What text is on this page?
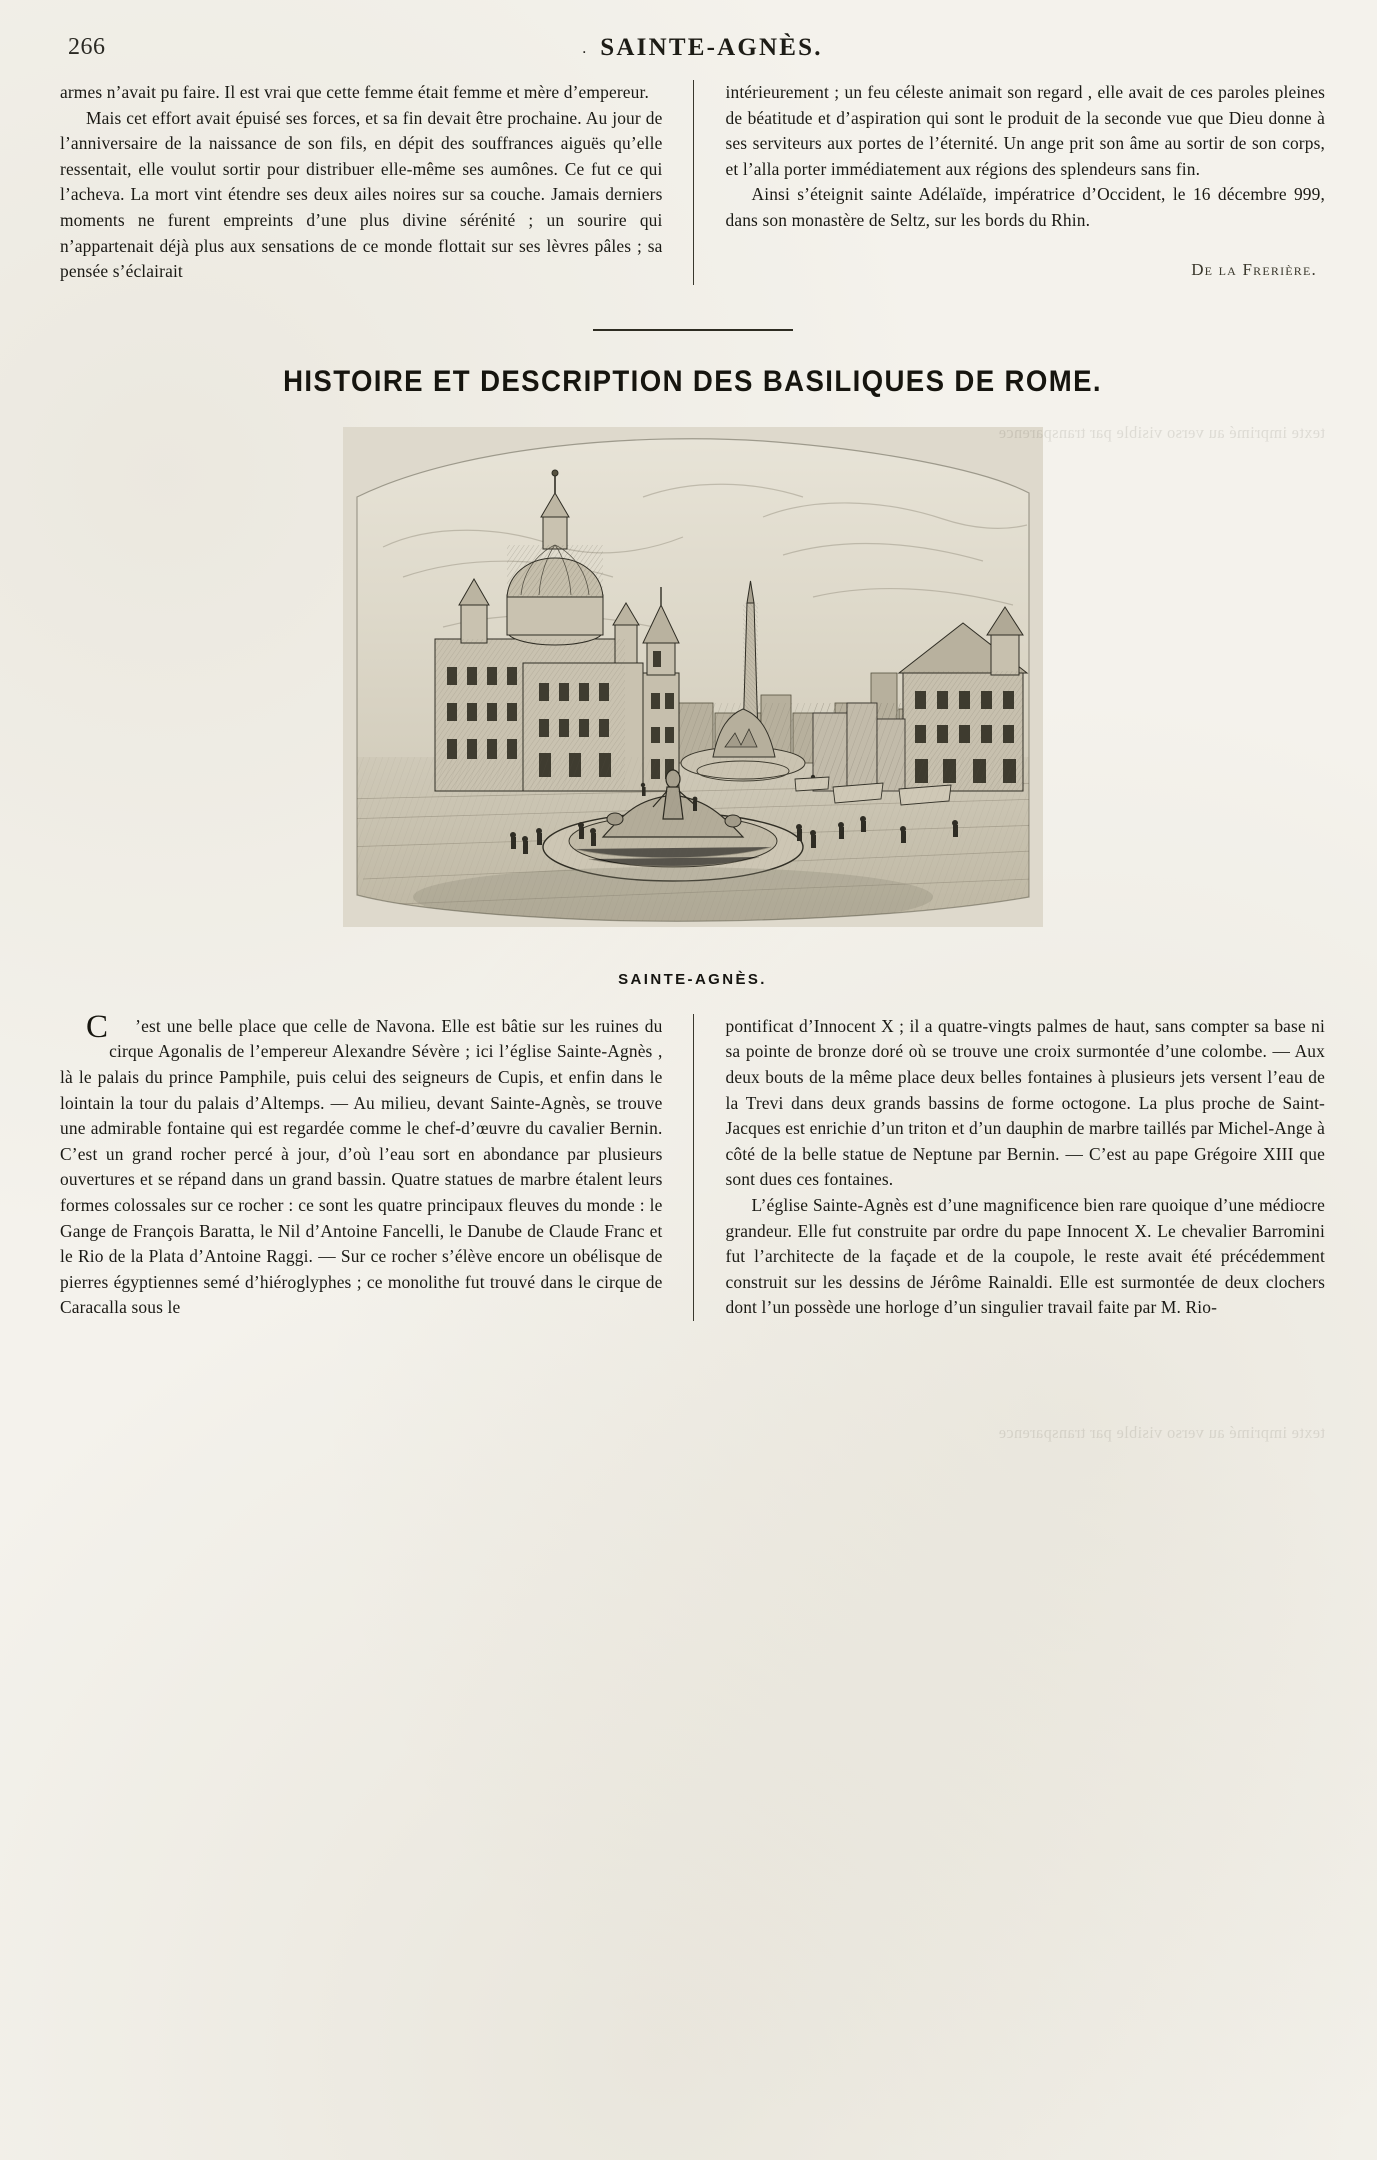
266	. SAINTE-AGNÈS.

armes n’avait pu faire. Il est vrai que cette femme était femme et mère d’empereur.

Mais cet effort avait épuisé ses forces, et sa fin devait être prochaine. Au jour de l’anniversaire de la naissance de son fils, en dépit des souffrances aiguës qu’elle ressentait, elle voulut sortir pour distribuer elle-même ses aumônes. Ce fut ce qui l’acheva. La mort vint étendre ses deux ailes noires sur sa couche. Jamais derniers moments ne furent empreints d’une plus divine sérénité ; un sourire qui n’appartenait déjà plus aux sensations de ce monde flottait sur ses lèvres pâles ; sa pensée s’éclairait

intérieurement ; un feu céleste animait son regard , elle avait de ces paroles pleines de béatitude et d’aspiration qui sont le produit de la seconde vue que Dieu donne à ses serviteurs aux portes de l’éternité. Un ange prit son âme au sortir de son corps, et l’alla porter immédiatement aux régions des splendeurs sans fin.

Ainsi s’éteignit sainte Adélaïde, impératrice d’Occident, le 16 décembre 999, dans son monastère de Seltz, sur les bords du Rhin.

De la Frerière.
HISTOIRE ET DESCRIPTION DES BASILIQUES DE ROME.
SAINTE-AGNÈS.

C ’est une belle place que celle de Navona. Elle est bâtie sur les ruines du cirque Agonalis de l’empereur Alexandre Sévère ; ici l’église Sainte-Agnès , là le palais du prince Pamphile, puis celui des seigneurs de Cupis, et enfin dans le lointain la tour du palais d’Altemps. — Au milieu, devant Sainte-Agnès, se trouve une admirable fontaine qui est regardée comme le chef-d’œuvre du cavalier Bernin. C’est un grand rocher percé à jour, d’où l’eau sort en abondance par plusieurs ouvertures et se répand dans un grand bassin. Quatre statues de marbre étalent leurs formes colossales sur ce rocher : ce sont les quatre principaux fleuves du monde : le Gange de François Baratta, le Nil d’Antoine Fancelli, le Danube de Claude Franc et le Rio de la Plata d’Antoine Raggi. — Sur ce rocher s’élève encore un obélisque de pierres égyptiennes semé d’hiéroglyphes ; ce monolithe fut trouvé dans le cirque de Caracalla sous le

pontificat d’Innocent X ; il a quatre-vingts palmes de haut, sans compter sa base ni sa pointe de bronze doré où se trouve une croix surmontée d’une colombe. — Aux deux bouts de la même place deux belles fontaines à plusieurs jets versent l’eau de la Trevi dans deux grands bassins de forme octogone. La plus proche de Saint-Jacques est enrichie d’un triton et d’un dauphin de marbre taillés par Michel-Ange à côté de la belle statue de Neptune par Bernin. — C’est au pape Grégoire XIII que sont dues ces fontaines.

L’église Sainte-Agnès est d’une magnificence bien rare quoique d’une médiocre grandeur. Elle fut construite par ordre du pape Innocent X. Le chevalier Barromini fut l’architecte de la façade et de la coupole, le reste avait été précédemment construit sur les dessins de Jérôme Rainaldi. Elle est surmontée de deux clochers dont l’un possède une horloge d’un singulier travail faite par M. Rio-

texte imprimé au verso visible par transparence
texte imprimé au verso visible par transparence
